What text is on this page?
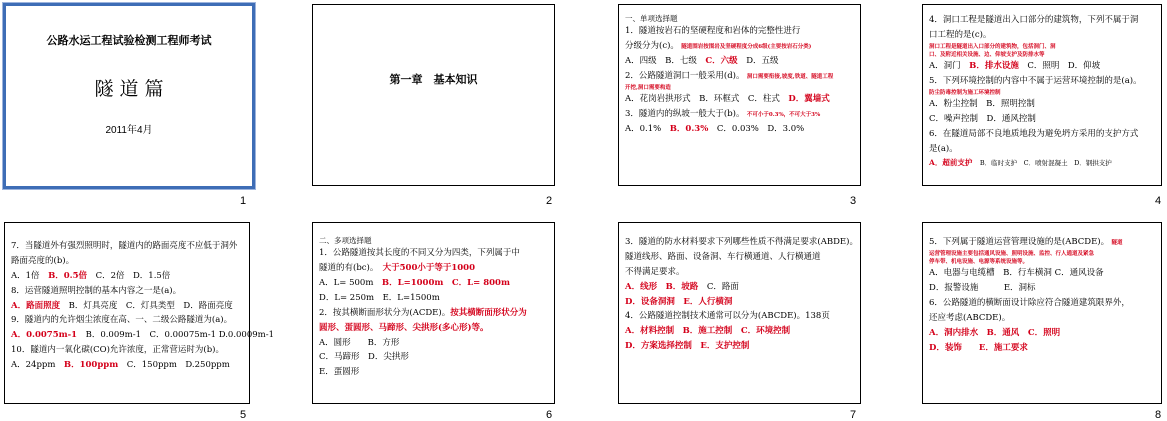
公路水运工程试验检测工程师考试
隧 道 篇
2011年4月
1
第一章　基本知识
2

一、单项选择题

1．隧道按岩石的坚硬程度和岩体的完整性进行

分级分为(c)。 隧道围岩按围岩及坚硬程度分成6级(主要按岩石分类)

A．四级　B．七级　 C．六级　 D．五级

2．公路隧道洞口一般采用(d)。 洞口需要衔接,坡度,铁道、隧道工程

开挖,洞口需要构造

A．花岗岩拱形式　B．环框式　C．柱式　 D．翼墙式

3．隧道内的纵坡一般大于(b)。 不可小于0.3%，不可大于3%

A．0.1%　 B．0.3%　 C．0.03%　D．3.0%

3

4．洞口工程是隧道出入口部分的建筑物，下列不属于洞

口工程的是(c)。

洞口工程是隧道出入口部分的建筑物，包括洞门、洞

口、及附近相关设施、边、仰坡支护及防排水等

A．洞门　 B．排水设施　 C．照明　D．仰坡

5．下列环境控制的内容中不属于运营环境控制的是(a)。

防尘防毒控制为施工环境控制

A．粉尘控制　B．照明控制

C．噪声控制　D．通风控制

6．在隧道局部不良地质地段为避免坍方采用的支护方式

是(a)。

A．超前支护　 B．临时支护　C．喷射混凝土　D．钢拱支护

4

7．当隧道外有强烈照明时，隧道内的路面亮度不应低于洞外

路面亮度的(b)。

A．1倍　 B．0.5倍　 C．2倍　D．1.5倍

8．运营隧道照明控制的基本内容之一是(a)。

A．路面照度　 B．灯具亮度　C．灯具类型　D．路面亮度

9．隧道内的允许烟尘浓度在高、一、二级公路隧道为(a)。

A．0.0075m-1　 B．0.009m-1　C．0.00075m-1 D.0.0009m-1

10．隧道内一氧化碳(CO)允许浓度，正常营运时为(b)。

A．24ppm　 B．100ppm　 C．150ppm　D.250ppm

5

二、多项选择题

1．公路隧道按其长度的不同又分为四类，下列属于中

隧道的有(bc)。　 大于500小于等于1000

A．L= 500m　 B．L=1000m　 C．L= 800m

D．L= 250m　 E．L=1500m

2．按其横断面形状分为(ACDE)。按其横断面形状分为

圆形、蛋圆形、马蹄形、尖拱形(多心形)等。

A．圆形　　B．方形

C．马蹄形　D．尖拱形

E．蛋圆形

6

3．隧道的防水材料要求下列哪些性质不得满足要求(ABDE)。

隧道线形、路面、设备洞、车行横通道、人行横通道

不得满足要求。

A．线形　 B．坡路　 C．路面

D．设备洞洞　 E．人行横洞

4．公路隧道控制技术通常可以分为(ABCDE)。138页

A．材料控制　 B．施工控制　 C．环境控制

D．方案选择控制　 E．支护控制

7

5．下列属于隧道运营管理设施的是(ABCDE)。 隧道

运营管理设施主要包括通风设施、照明设施、监控、行人通道及紧急

停车带、机电设施、电源等系统设施等。

A．电器与电缆槽　B．行车横洞 C．通风设备

D．报警设施　　　E．洞标

6．公路隧道的横断面设计除应符合隧道建筑限界外，

还应考虑(ABCDE)。

A．洞内排水　 B．通风　 C．照明

D．装饰　　 E．施工要求

8
